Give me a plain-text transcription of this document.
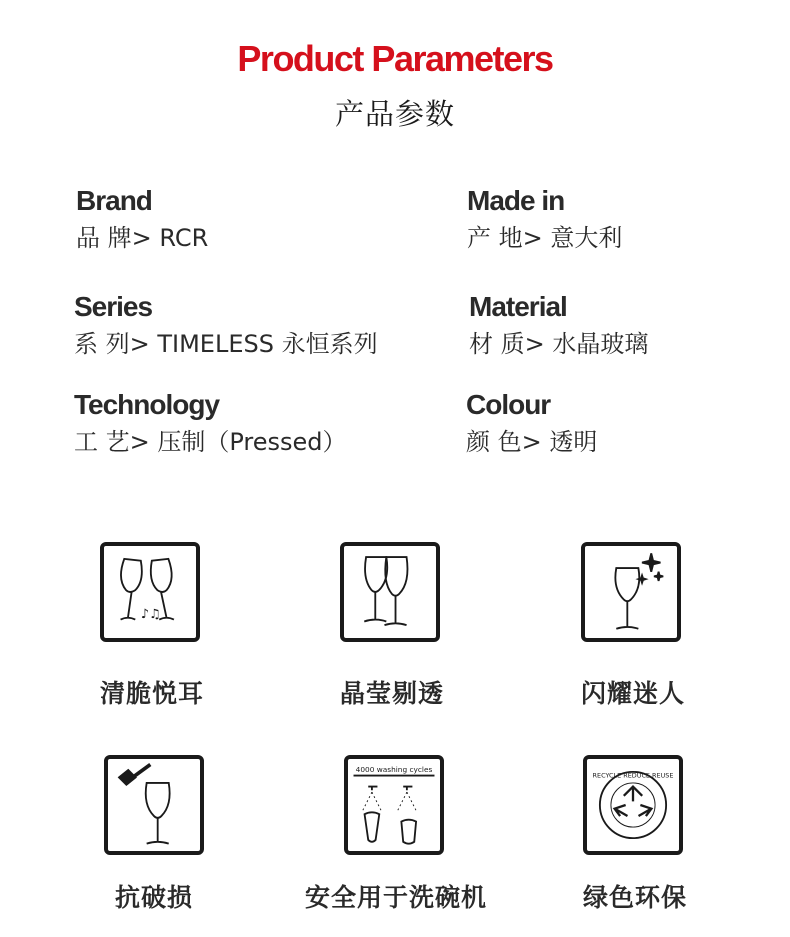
Product Parameters
产品参数
Brand
品 牌> RCR
Made in
产 地> 意大利
Series
系 列> TIMELESS 永恒系列
Material
材 质> 水晶玻璃
Technology
工 艺> 压制（Pressed）
Colour
颜 色> 透明
♪♫
清脆悦耳	晶莹剔透	闪耀迷人
抗破损
4000 washing cycles
安全用于洗碗机
RECYCLE REDUCE REUSE
绿色环保
